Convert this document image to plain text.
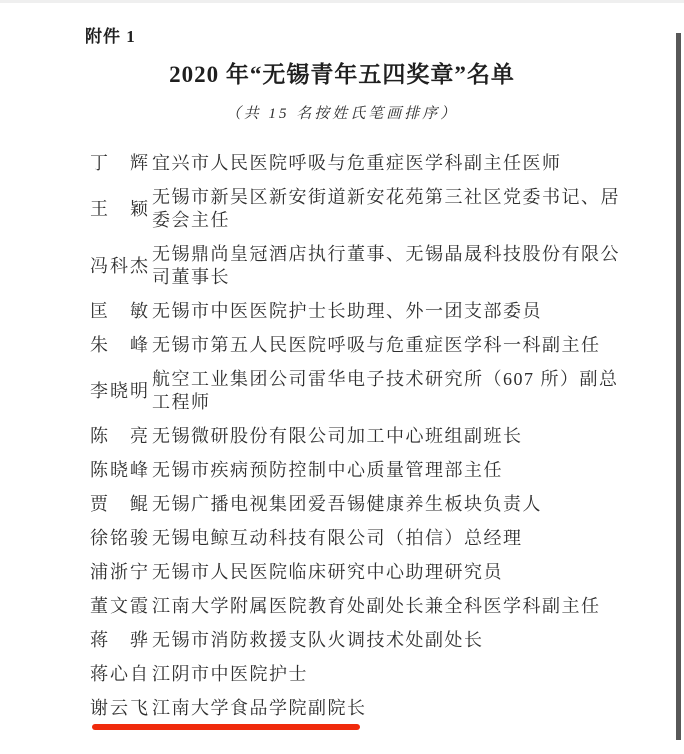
附件 1
2020 年“无锡青年五四奖章”名单
（共 15 名按姓氏笔画排序）
丁　辉 宜兴市人民医院呼吸与危重症医学科副主任医师
王　颖
无锡市新吴区新安街道新安花苑第三社区党委书记、居委会主任
冯科杰
无锡鼎尚皇冠酒店执行董事、无锡晶晟科技股份有限公司董事长
匡　敏 无锡市中医医院护士长助理、外一团支部委员
朱　峰 无锡市第五人民医院呼吸与危重症医学科一科副主任
李晓明
航空工业集团公司雷华电子技术研究所（607 所）副总工程师
陈　亮 无锡微研股份有限公司加工中心班组副班长
陈晓峰 无锡市疾病预防控制中心质量管理部主任
贾　鲲 无锡广播电视集团爱吾锡健康养生板块负责人
徐铭骏 无锡电鲸互动科技有限公司（拍信）总经理
浦浙宁 无锡市人民医院临床研究中心助理研究员
董文霞 江南大学附属医院教育处副处长兼全科医学科副主任
蒋　骅 无锡市消防救援支队火调技术处副处长
蒋心自 江阴市中医院护士
谢云飞 江南大学食品学院副院长
